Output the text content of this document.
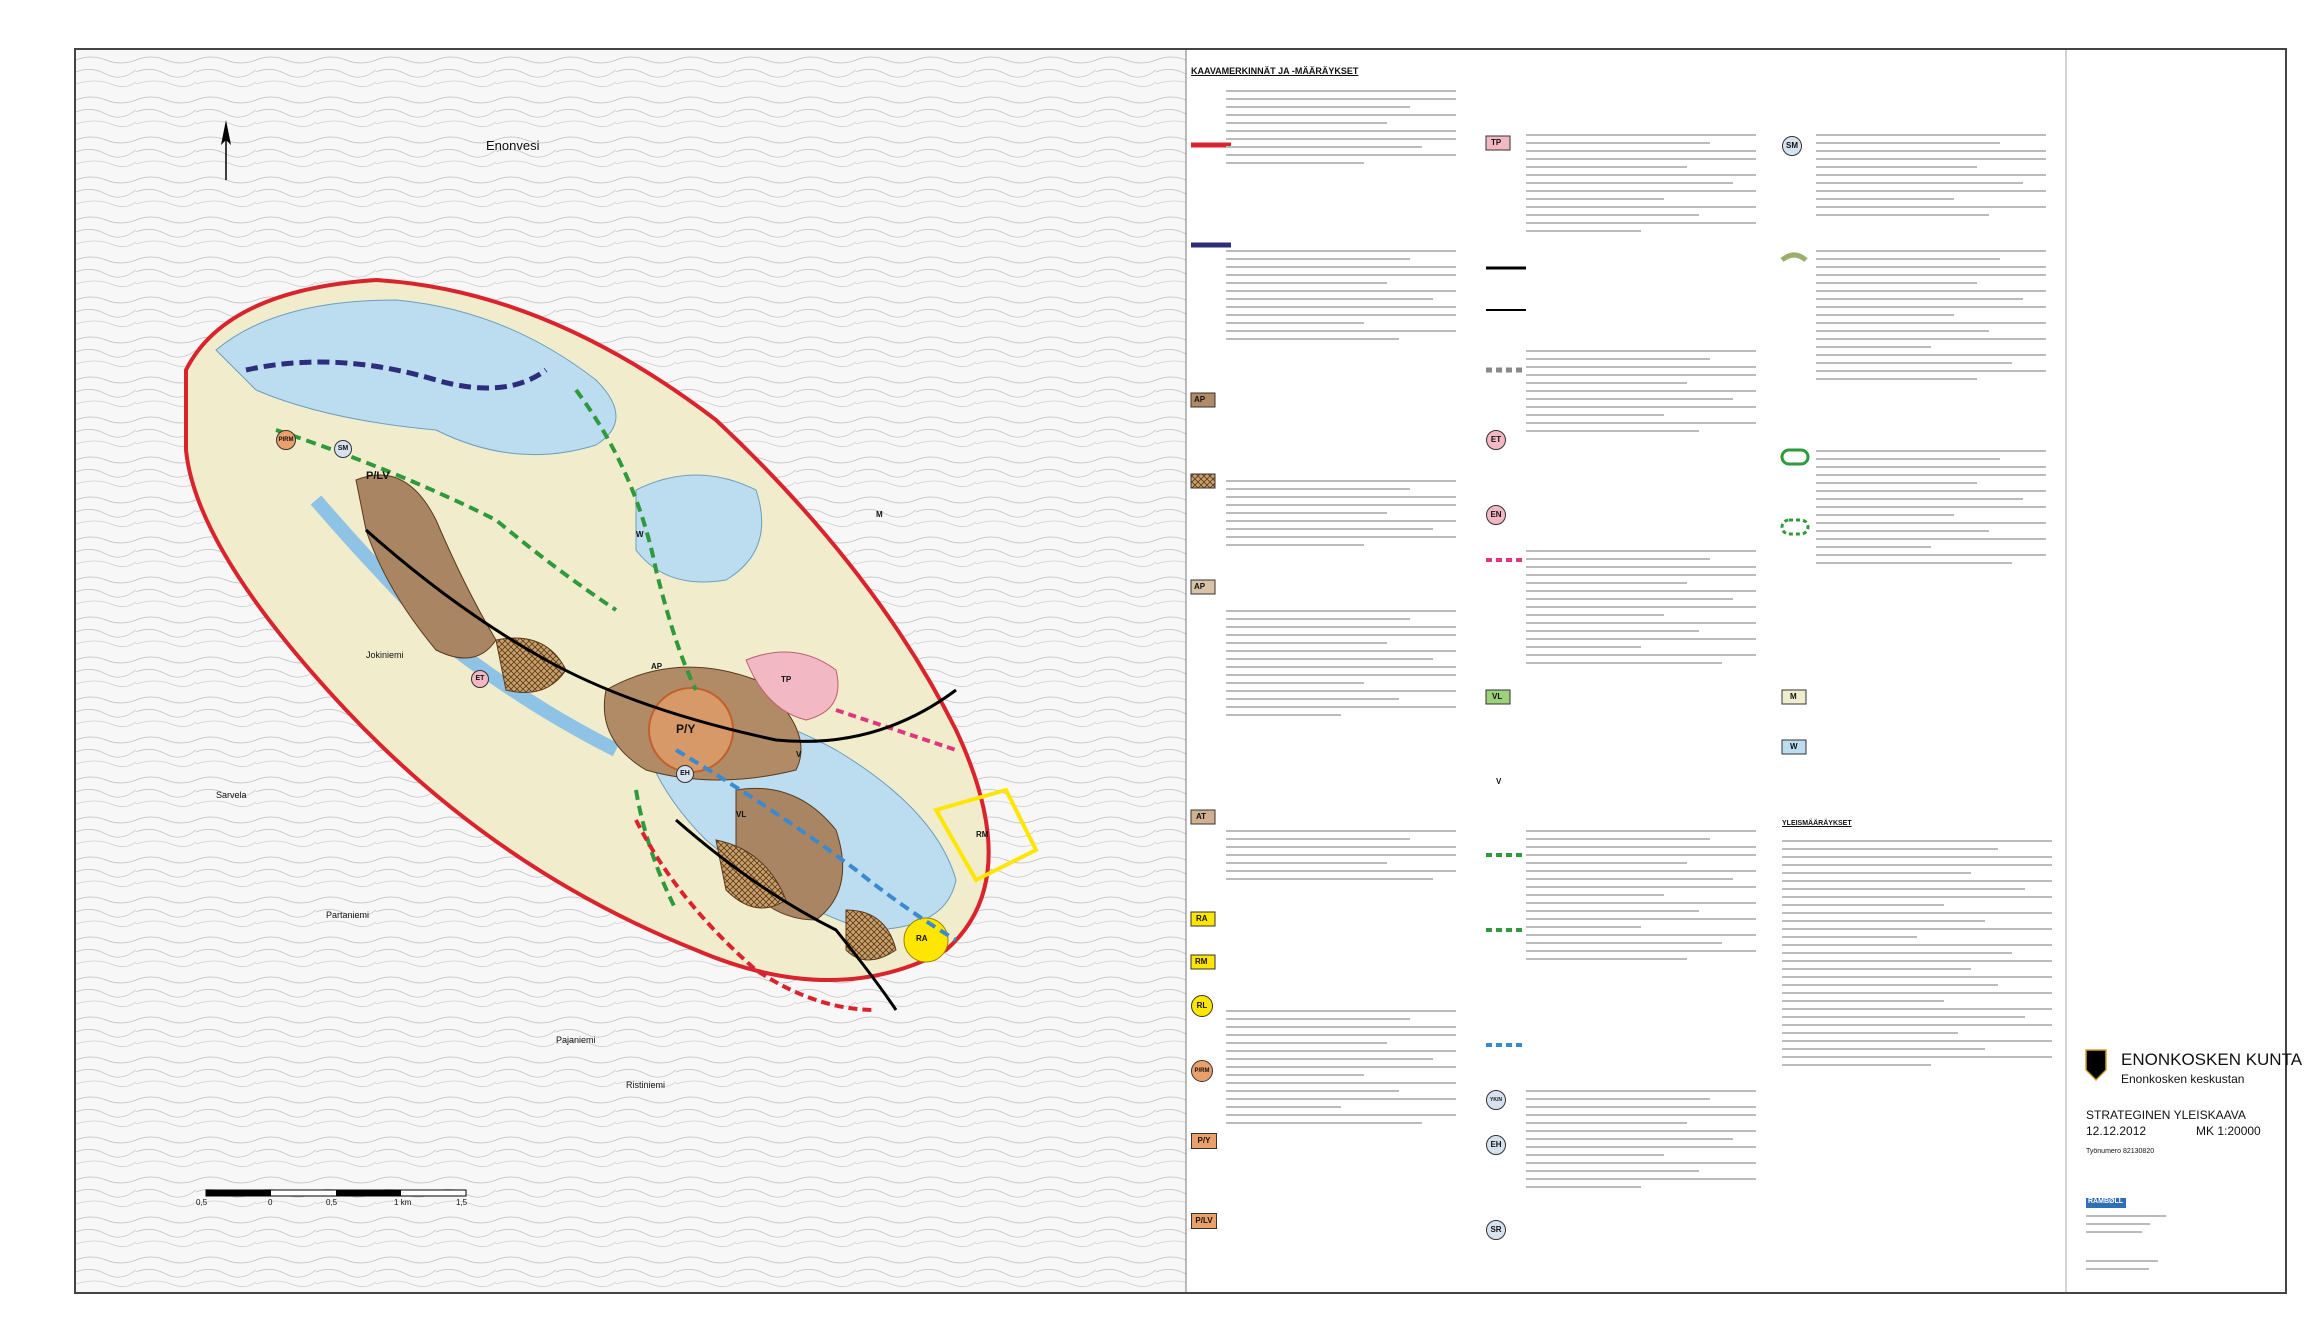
Enonvesi
Jokiniemi
Partaniemi
Sarvela
Pajaniemi
Ristiniemi
P/Y
P/LV
SM
AP
VL
W
M
RM
RA
EH
ET	TP
PIRM
V
0,5	0	0,5	1 km	1,5
KAAVAMERKINNÄT JA -MÄÄRÄYKSET
AP
AP
AT
RA
RM
RL
P/RM
P/Y
P/LV
TP
ET
EN
VL
V
YK/N
EH
SR
SM
M
W
YLEISMÄÄRÄYKSET
ENONKOSKEN KUNTA
Enonkosken keskustan
STRATEGINEN YLEISKAAVA
12.12.2012	MK 1:20000
Työnumero 82130820
RAMBØLL
